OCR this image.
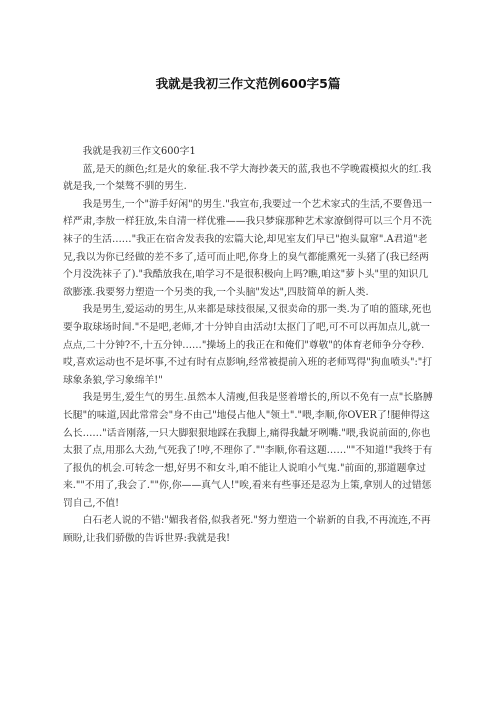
我就是我初三作文范例600字5篇

我就是我初三作文600字1

蓝,是天的颜色;红是火的象征.我不学大海抄袭天的蓝,我也不学晚霞模拟火的红.我就是我,一个桀骜不驯的男生.

我是男生,一个"游手好闲"的男生."我宣布,我要过一个艺术家式的生活,不要鲁迅一样严肃,李敖一样狂放,朱自清一样优雅——我只梦寐那种艺术家潦倒得可以三个月不洗袜子的生活……"我正在宿舍发表我的宏篇大论,却见室友们早已"抱头鼠窜".A君道"老兄,我以为你已经做的差不多了,适可而止吧,你身上的臭气都能熏死一头猪了(我已经两个月没洗袜子了)."我酷放我在,咱学习不是很积极向上吗?瞧,咱这"萝卜头"里的知识几欲膨涨.我要努力塑造一个另类的我,一个头脑"发达",四肢简单的新人类.

我是男生,爱运动的男生,从来都是球技很屎,又很卖命的那一类.为了咱的篮球,死也要争取球场时间."不是吧,老师,才十分钟自由活动!太抠门了吧,可不可以再加点儿,就一点点,二十分钟?不,十五分钟……"操场上的我正在和俺们"尊敬"的体育老师争分夺秒.哎,喜欢运动也不是坏事,不过有时有点影响,经常被提前入班的老师骂得"狗血喷头":"打球象条狼,学习象绵羊!"

我是男生,爱生气的男生.虽然本人清瘦,但我是竖着增长的,所以不免有一点"长胳膊长腿"的味道,因此常常会"身不由己"地侵占他人"领土"."喂,李顺,你OVER了!腿伸得这么长……"话音刚落,一只大脚狠狠地踩在我脚上,痛得我龇牙咧嘴."喂,我说前面的,你也太狠了点,用那么大劲,气死我了!哼,不理你了.""李顺,你看这题……""不知道!"我终于有了报仇的机会.可转念一想,好男不和女斗,咱不能让人说咱小气鬼."前面的,那道题拿过来.""不用了,我会了.""你,你——真气人!"唉,看来有些事还是忍为上策,拿别人的过错惩罚自己,不值!

白石老人说的不错:"媚我者俗,似我者死."努力塑造一个崭新的自我,不再流连,不再顾盼,让我们骄傲的告诉世界:我就是我!
